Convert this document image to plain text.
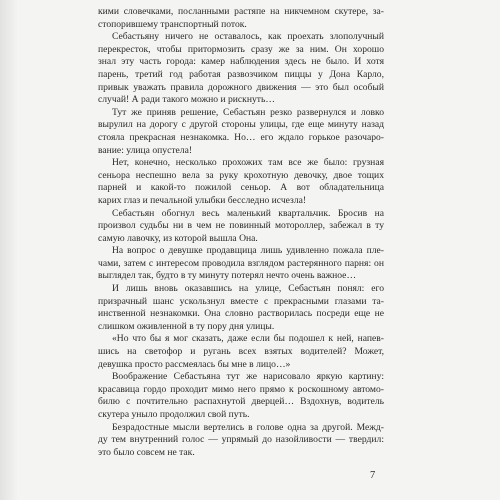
кими словечками, посланными растяпе на никчемном скутере, за-
стопорившему транспортный поток.
Себастьяну ничего не оставалось, как проехать злополучный
перекресток, чтобы притормозить сразу же за ним. Он хорошо
знал эту часть города: камер наблюдения здесь не было. И хотя
парень, третий год работая развозчиком пиццы у Дона Карло,
привык уважать правила дорожного движения — это был особый
случай! А ради такого можно и рискнуть…
Тут же приняв решение, Себастьян резко развернулся и ловко
вырулил на дорогу с другой стороны улицы, где еще минуту назад
стояла прекрасная незнакомка. Но… его ждало горькое разочаро-
вание: улица опустела!
Нет, конечно, несколько прохожих там все же было: грузная
сеньора неспешно вела за руку крохотную девочку, двое тощих
парней и какой-то пожилой сеньор. А вот обладательница
карих глаз и печальной улыбки бесследно исчезла!
Себастьян обогнул весь маленький квартальчик. Бросив на
произвол судьбы ни в чем не повинный мотороллер, забежал в ту
самую лавочку, из которой вышла Она.
На вопрос о девушке продавщица лишь удивленно пожала пле-
чами, затем с интересом проводила взглядом растерянного парня: он
выглядел так, будто в ту минуту потерял нечто очень важное…
И лишь вновь оказавшись на улице, Себастьян понял: его
призрачный шанс ускользнул вместе с прекрасными глазами та-
инственной незнакомки. Она словно растворилась посреди еще не
слишком оживленной в ту пору дня улицы.
«Но что бы я мог сказать, даже если бы подошел к ней, напев-
шись на светофор и ругань всех взятых водителей? Может,
девушка просто рассмеялась бы мне в лицо…»
Воображение Себастьяна тут же нарисовало яркую картину:
красавица гордо проходит мимо него прямо к роскошному автомо-
билю с почтительно распахнутой дверцей… Вздохнув, водитель
скутера уныло продолжил свой путь.
Безрадостные мысли вертелись в голове одна за другой. Межд-
ду тем внутренний голос — упрямый до назойливости — твердил:
это было совсем не так.
7
